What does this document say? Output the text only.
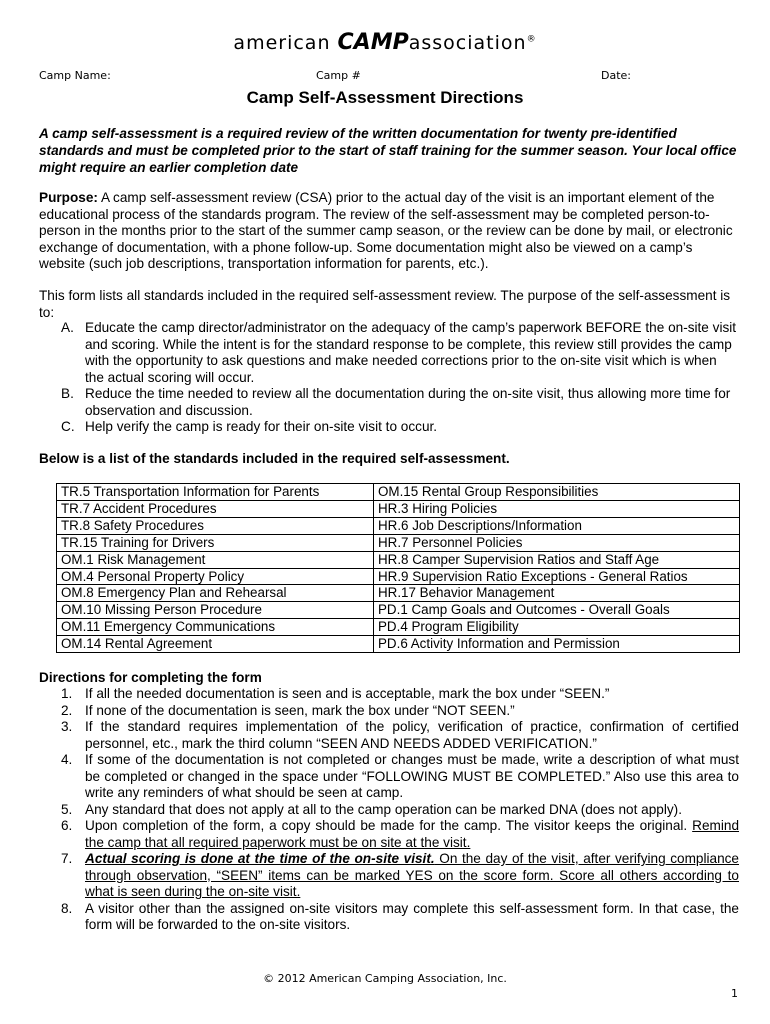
american CAMPassociation®
Camp Name:	Camp #	Date:
Camp Self-Assessment Directions
A camp self-assessment is a required review of the written documentation for twenty pre-identified standards and must be completed prior to the start of staff training for the summer season. Your local office might require an earlier completion date
Purpose: A camp self-assessment review (CSA) prior to the actual day of the visit is an important element of the educational process of the standards program. The review of the self-assessment may be completed person-to-person in the months prior to the start of the summer camp season, or the review can be done by mail, or electronic exchange of documentation, with a phone follow-up. Some documentation might also be viewed on a camp’s website (such job descriptions, transportation information for parents, etc.).
This form lists all standards included in the required self-assessment review. The purpose of the self-assessment is to:
A. Educate the camp director/administrator on the adequacy of the camp’s paperwork BEFORE the on-site visit and scoring. While the intent is for the standard response to be complete, this review still provides the camp with the opportunity to ask questions and make needed corrections prior to the on-site visit which is when the actual scoring will occur.
B. Reduce the time needed to review all the documentation during the on-site visit, thus allowing more time for observation and discussion.
C. Help verify the camp is ready for their on-site visit to occur.
Below is a list of the standards included in the required self-assessment.
TR.5 Transportation Information for Parents	OM.15 Rental Group Responsibilities
TR.7 Accident Procedures	HR.3 Hiring Policies
TR.8 Safety Procedures	HR.6 Job Descriptions/Information
TR.15 Training for Drivers	HR.7 Personnel Policies
OM.1 Risk Management	HR.8 Camper Supervision Ratios and Staff Age
OM.4 Personal Property Policy	HR.9 Supervision Ratio Exceptions - General Ratios
OM.8 Emergency Plan and Rehearsal	HR.17 Behavior Management
OM.10 Missing Person Procedure	PD.1 Camp Goals and Outcomes - Overall Goals
OM.11 Emergency Communications	PD.4 Program Eligibility
OM.14 Rental Agreement	PD.6 Activity Information and Permission
Directions for completing the form
1. If all the needed documentation is seen and is acceptable, mark the box under “SEEN.”
2. If none of the documentation is seen, mark the box under “NOT SEEN.”
3. If the standard requires implementation of the policy, verification of practice, confirmation of certified personnel, etc., mark the third column “SEEN AND NEEDS ADDED VERIFICATION.”
4. If some of the documentation is not completed or changes must be made, write a description of what must be completed or changed in the space under “FOLLOWING MUST BE COMPLETED.” Also use this area to write any reminders of what should be seen at camp.
5. Any standard that does not apply at all to the camp operation can be marked DNA (does not apply).
6. Upon completion of the form, a copy should be made for the camp. The visitor keeps the original. Remind the camp that all required paperwork must be on site at the visit.
7. Actual scoring is done at the time of the on-site visit. On the day of the visit, after verifying compliance through observation, “SEEN” items can be marked YES on the score form. Score all others according to what is seen during the on-site visit.
8. A visitor other than the assigned on-site visitors may complete this self-assessment form. In that case, the form will be forwarded to the on-site visitors.
© 2012 American Camping Association, Inc.
1
